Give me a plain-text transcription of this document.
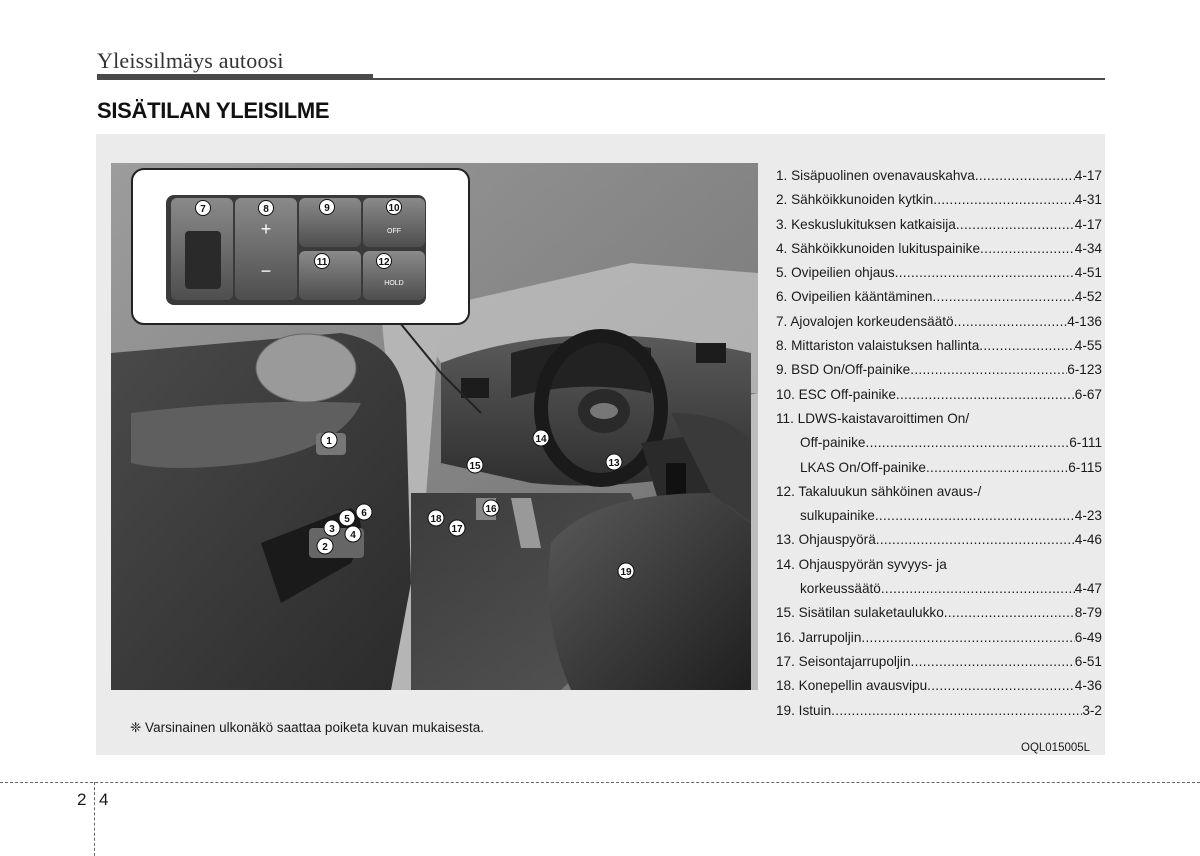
Yleissilmäys autoosi
SISÄTILAN YLEISILME
+
−
OFF
HOLD
7	8	9	10
11	12
1
2
3
4
5
6
13
14
15
16
17
18
19
1. Sisäpuolinen ovenavauskahva .....	4-17
2. Sähköikkunoiden kytkin .....	4-31
3. Keskuslukituksen katkaisija .....	4-17
4. Sähköikkunoiden lukituspainike .....	4-34
5. Ovipeilien ohjaus .....	4-51
6. Ovipeilien kääntäminen .....	4-52
7. Ajovalojen korkeudensäätö .....	4-136
8. Mittariston valaistuksen hallinta .....	4-55
9. BSD On/Off-painike .....	6-123
10. ESC Off-painike .....	6-67
11. LDWS-kaistavaroittimen On/
Off-painike .....	6-111
LKAS On/Off-painike .....	6-115
12. Takaluukun sähköinen avaus-/
sulkupainike .....	4-23
13. Ohjauspyörä .....	4-46
14. Ohjauspyörän syvyys- ja
korkeussäätö .....	4-47
15. Sisätilan sulaketaulukko .....	8-79
16. Jarrupoljin .....	6-49
17. Seisontajarrupoljin .....	6-51
18. Konepellin avausvipu .....	4-36
19. Istuin .....	3-2
❈ Varsinainen ulkonäkö saattaa poiketa kuvan mukaisesta.
OQL015005L
2 4
